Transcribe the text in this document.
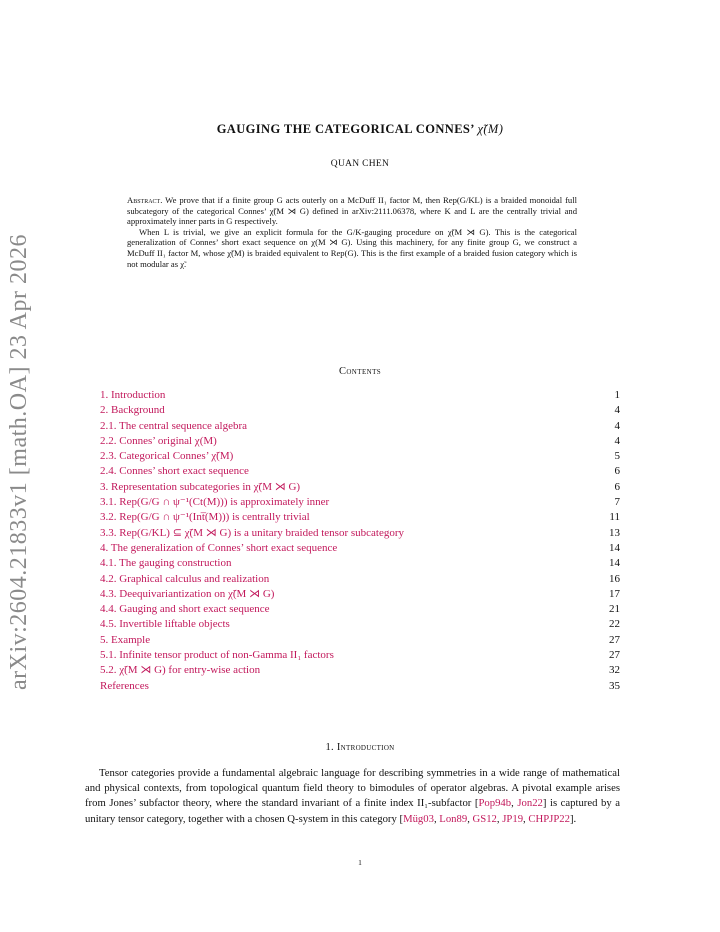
arXiv:2604.21833v1 [math.OA] 23 Apr 2026
GAUGING THE CATEGORICAL CONNES’ χ̃(M)
QUAN CHEN

Abstract. We prove that if a finite group G acts outerly on a McDuff II₁ factor M, then Rep(G/KL) is a braided monoidal full subcategory of the categorical Connes’ χ̃(M ⋊ G) defined in arXiv:2111.06378, where K and L are the centrally trivial and approximately inner parts in G respectively.

When L is trivial, we give an explicit formula for the G/K-gauging procedure on χ̃(M ⋊ G). This is the categorical generalization of Connes’ short exact sequence on χ(M ⋊ G). Using this machinery, for any finite group G, we construct a McDuff II₁ factor M, whose χ̃(M) is braided equivalent to Rep(G). This is the first example of a braided fusion category which is not modular as χ̃.

Contents
1. Introduction	1
2. Background	4
2.1. The central sequence algebra	4
2.2. Connes’ original χ(M)	4
2.3. Categorical Connes’ χ̃(M)	5
2.4. Connes’ short exact sequence	6
3. Representation subcategories in χ̃(M ⋊ G)	6
3.1. Rep(G/G ∩ ψ⁻¹(Ct(M))) is approximately inner	7
3.2. Rep(G/G ∩ ψ⁻¹(Int̅(M))) is centrally trivial	11
3.3. Rep(G/KL) ⊆ χ̃(M ⋊ G) is a unitary braided tensor subcategory	13
4. The generalization of Connes’ short exact sequence	14
4.1. The gauging construction	14
4.2. Graphical calculus and realization	16
4.3. Deequivariantization on χ̃(M ⋊ G)	17
4.4. Gauging and short exact sequence	21
4.5. Invertible liftable objects	22
5. Example	27
5.1. Infinite tensor product of non-Gamma II₁ factors	27
5.2. χ̃(M ⋊ G) for entry-wise action	32
References	35
1. Introduction
Tensor categories provide a fundamental algebraic language for describing symmetries in a wide range of mathematical and physical contexts, from topological quantum field theory to bimodules of operator algebras. A pivotal example arises from Jones’ subfactor theory, where the standard invariant of a finite index II₁-subfactor [Pop94b, Jon22] is captured by a unitary tensor category, together with a chosen Q-system in this category [Müg03, Lon89, GS12, JP19, CHPJP22].
1
